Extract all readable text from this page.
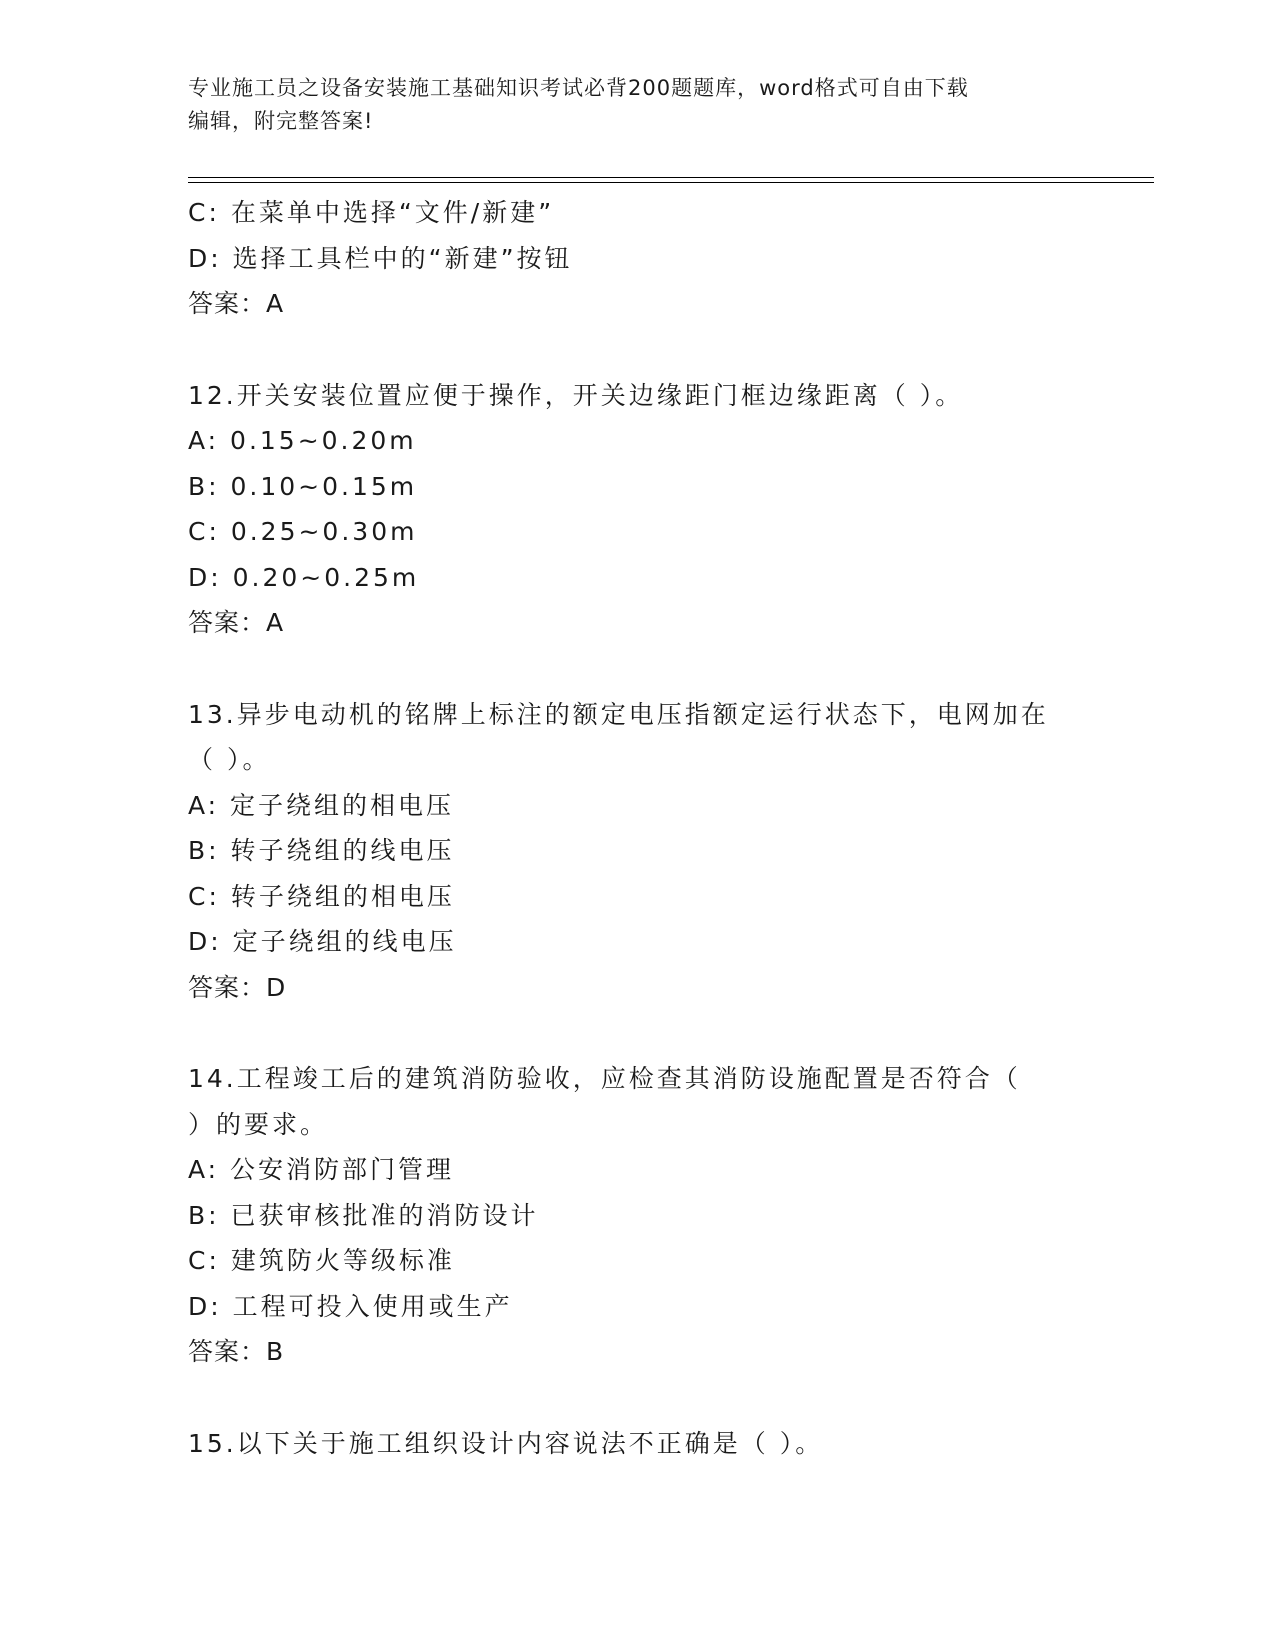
专业施工员之设备安装施工基础知识考试必背200题题库，word格式可自由下载
编辑，附完整答案!
C: 在菜单中选择“文件/新建”
D: 选择工具栏中的“新建”按钮
答案：A
12.开关安装位置应便于操作，开关边缘距门框边缘距离（ ）。
A: 0.15~0.20m
B: 0.10~0.15m
C: 0.25~0.30m
D: 0.20~0.25m
答案：A
13.异步电动机的铭牌上标注的额定电压指额定运行状态下，电网加在
（ ）。
A: 定子绕组的相电压
B: 转子绕组的线电压
C: 转子绕组的相电压
D: 定子绕组的线电压
答案：D
14.工程竣工后的建筑消防验收，应检查其消防设施配置是否符合（
）的要求。
A: 公安消防部门管理
B: 已获审核批准的消防设计
C: 建筑防火等级标准
D: 工程可投入使用或生产
答案：B
15.以下关于施工组织设计内容说法不正确是（ ）。
